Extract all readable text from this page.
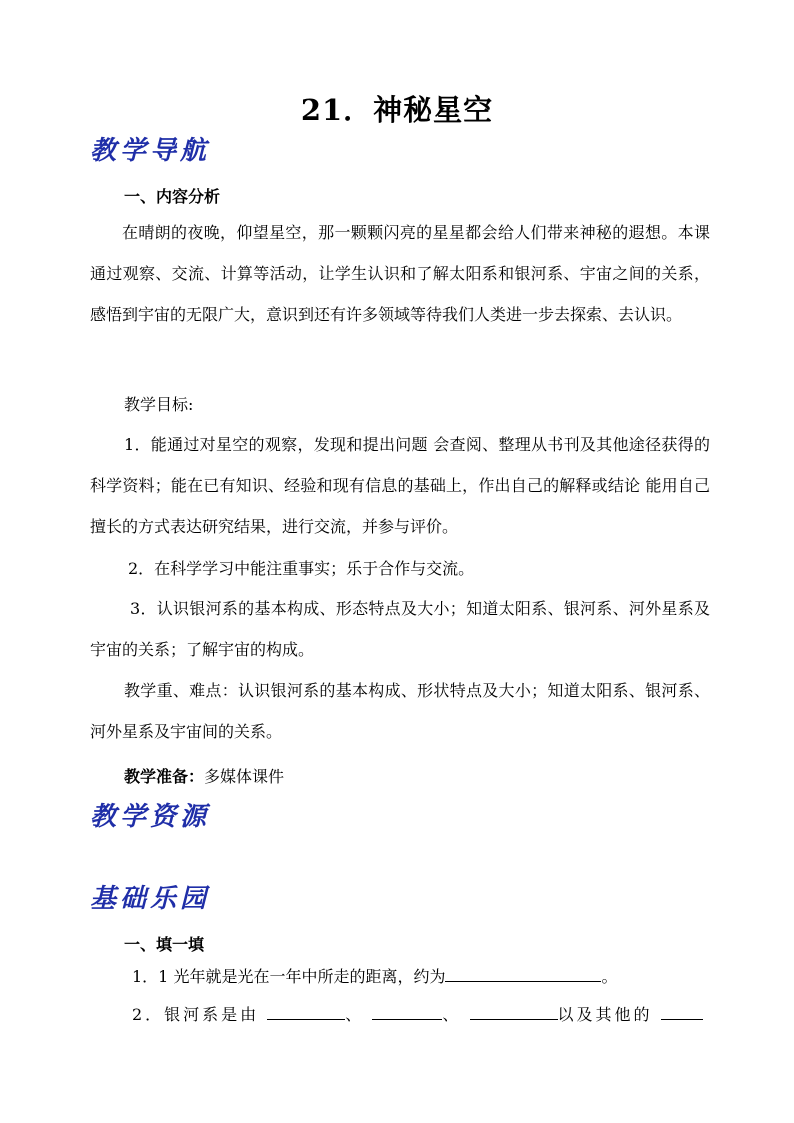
21．神秘星空
教学导航
一、内容分析
在晴朗的夜晚，仰望星空，那一颗颗闪亮的星星都会给人们带来神秘的遐想。本课通过观察、交流、计算等活动，让学生认识和了解太阳系和银河系、宇宙之间的关系，感悟到宇宙的无限广大，意识到还有许多领域等待我们人类进一步去探索、去认识。
教学目标:
1．能通过对星空的观察，发现和提出问题 会查阅、整理从书刊及其他途径获得的科学资料；能在已有知识、经验和现有信息的基础上，作出自己的解释或结论 能用自己擅长的方式表达研究结果，进行交流，并参与评价。
2．在科学学习中能注重事实；乐于合作与交流。
3．认识银河系的基本构成、形态特点及大小；知道太阳系、银河系、河外星系及宇宙的关系；了解宇宙的构成。
教学重、难点：认识银河系的基本构成、形状特点及大小；知道太阳系、银河系、河外星系及宇宙间的关系。
教学准备：多媒体课件
教学资源
基础乐园
一、填一填
1．1 光年就是光在一年中所走的距离，约为	。
2．银河系是由	、	、	以及其他的
